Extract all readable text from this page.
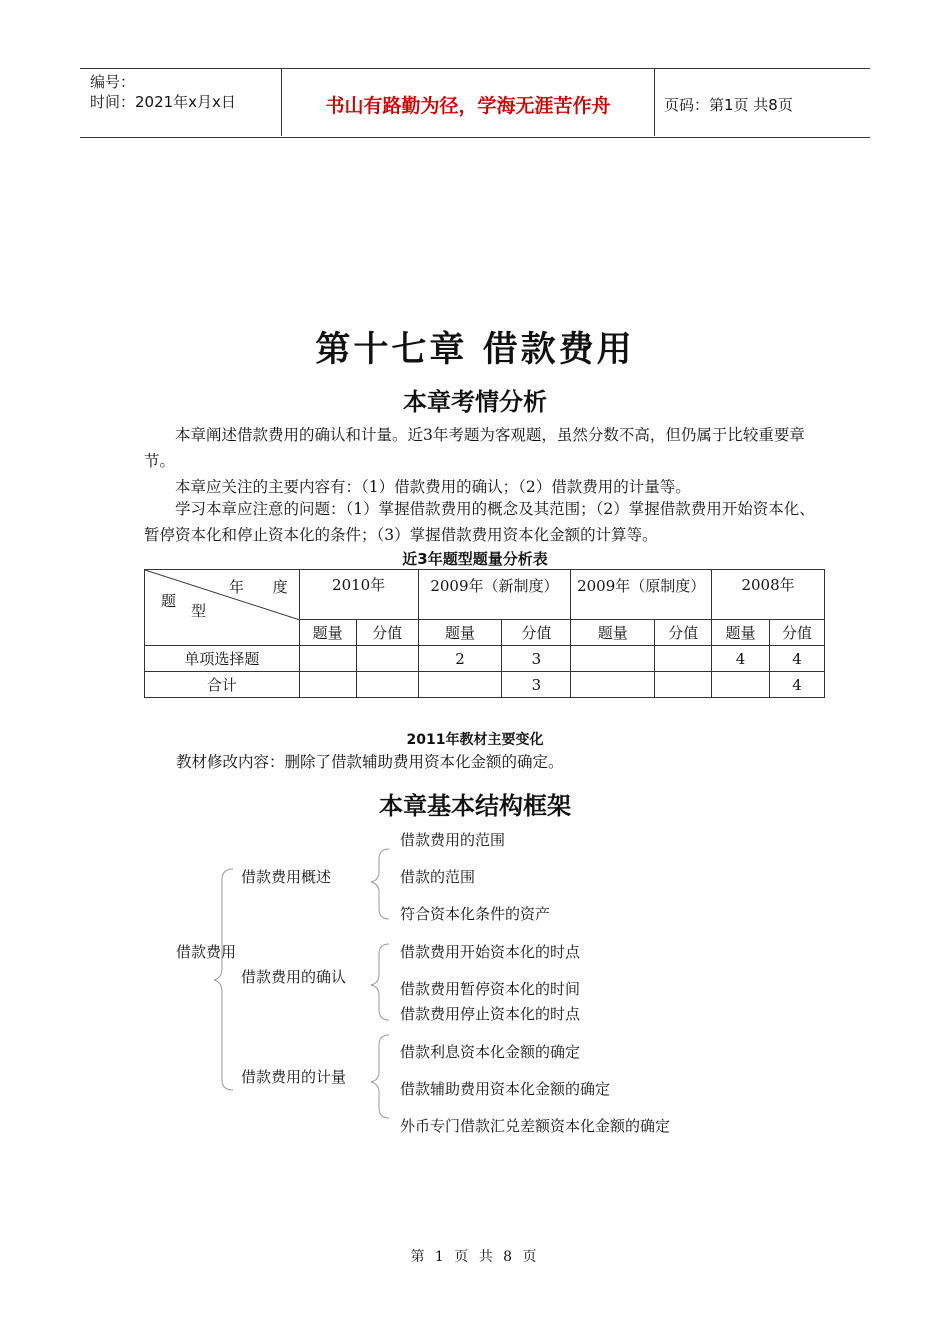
编号：
时间：2021年x月x日	书山有路勤为径，学海无涯苦作舟	页码：第1页 共8页
第十七章 借款费用
本章考情分析

本章阐述借款费用的确认和计量。近3年考题为客观题，虽然分数不高，但仍属于比较重要章节。

本章应关注的主要内容有：（1）借款费用的确认；（2）借款费用的计量等。

学习本章应注意的问题：（1）掌握借款费用的概念及其范围；（2）掌握借款费用开始资本化、暂停资本化和停止资本化的条件；（3）掌握借款费用资本化金额的计算等。

近3年题型题量分析表
年      度
题
型	2010年		2009年（新制度）		2009年（原制度）		2008年	
	题量	分值	题量	分值	题量	分值	题量	分值
单项选择题			2	3			4	4
合计				3				4
2011年教材主要变化
教材修改内容：删除了借款辅助费用资本化金额的确定。
本章基本结构框架
借款费用
借款费用概述
借款费用的范围
借款的范围
符合资本化条件的资产
借款费用的确认
借款费用开始资本化的时点
借款费用暂停资本化的时间
借款费用停止资本化的时点
借款费用的计量
借款利息资本化金额的确定
借款辅助费用资本化金额的确定
外币专门借款汇兑差额资本化金额的确定
第 1 页 共 8 页
